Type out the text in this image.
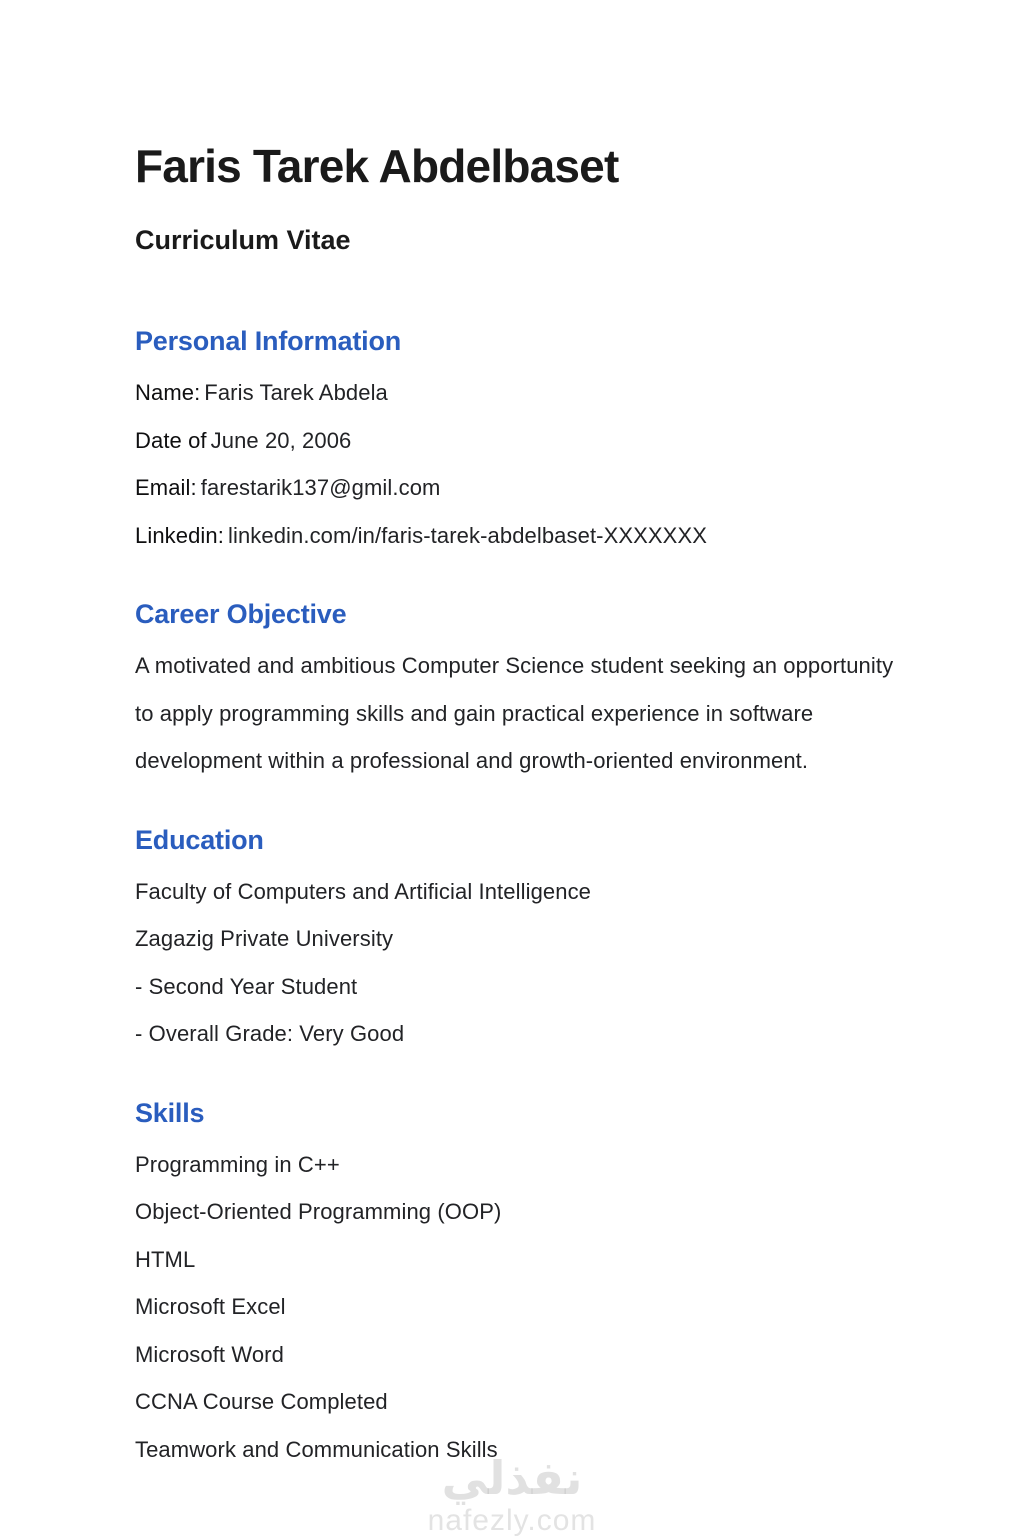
نفذلي
nafezly.com
Faris Tarek Abdelbaset
Curriculum Vitae
Personal Information
Name: Faris Tarek Abdela
Date of June 20, 2006
Email: farestarik137@gmil.com
Linkedin: linkedin.com/in/faris-tarek-abdelbaset-XXXXXXX
Career Objective
A motivated and ambitious Computer Science student seeking an opportunity to apply programming skills and gain practical experience in software development within a professional and growth-oriented environment.
Education
Faculty of Computers and Artificial Intelligence
Zagazig Private University
- Second Year Student
- Overall Grade: Very Good
Skills
Programming in C++
Object-Oriented Programming (OOP)
HTML
Microsoft Excel
Microsoft Word
CCNA Course Completed
Teamwork and Communication Skills
